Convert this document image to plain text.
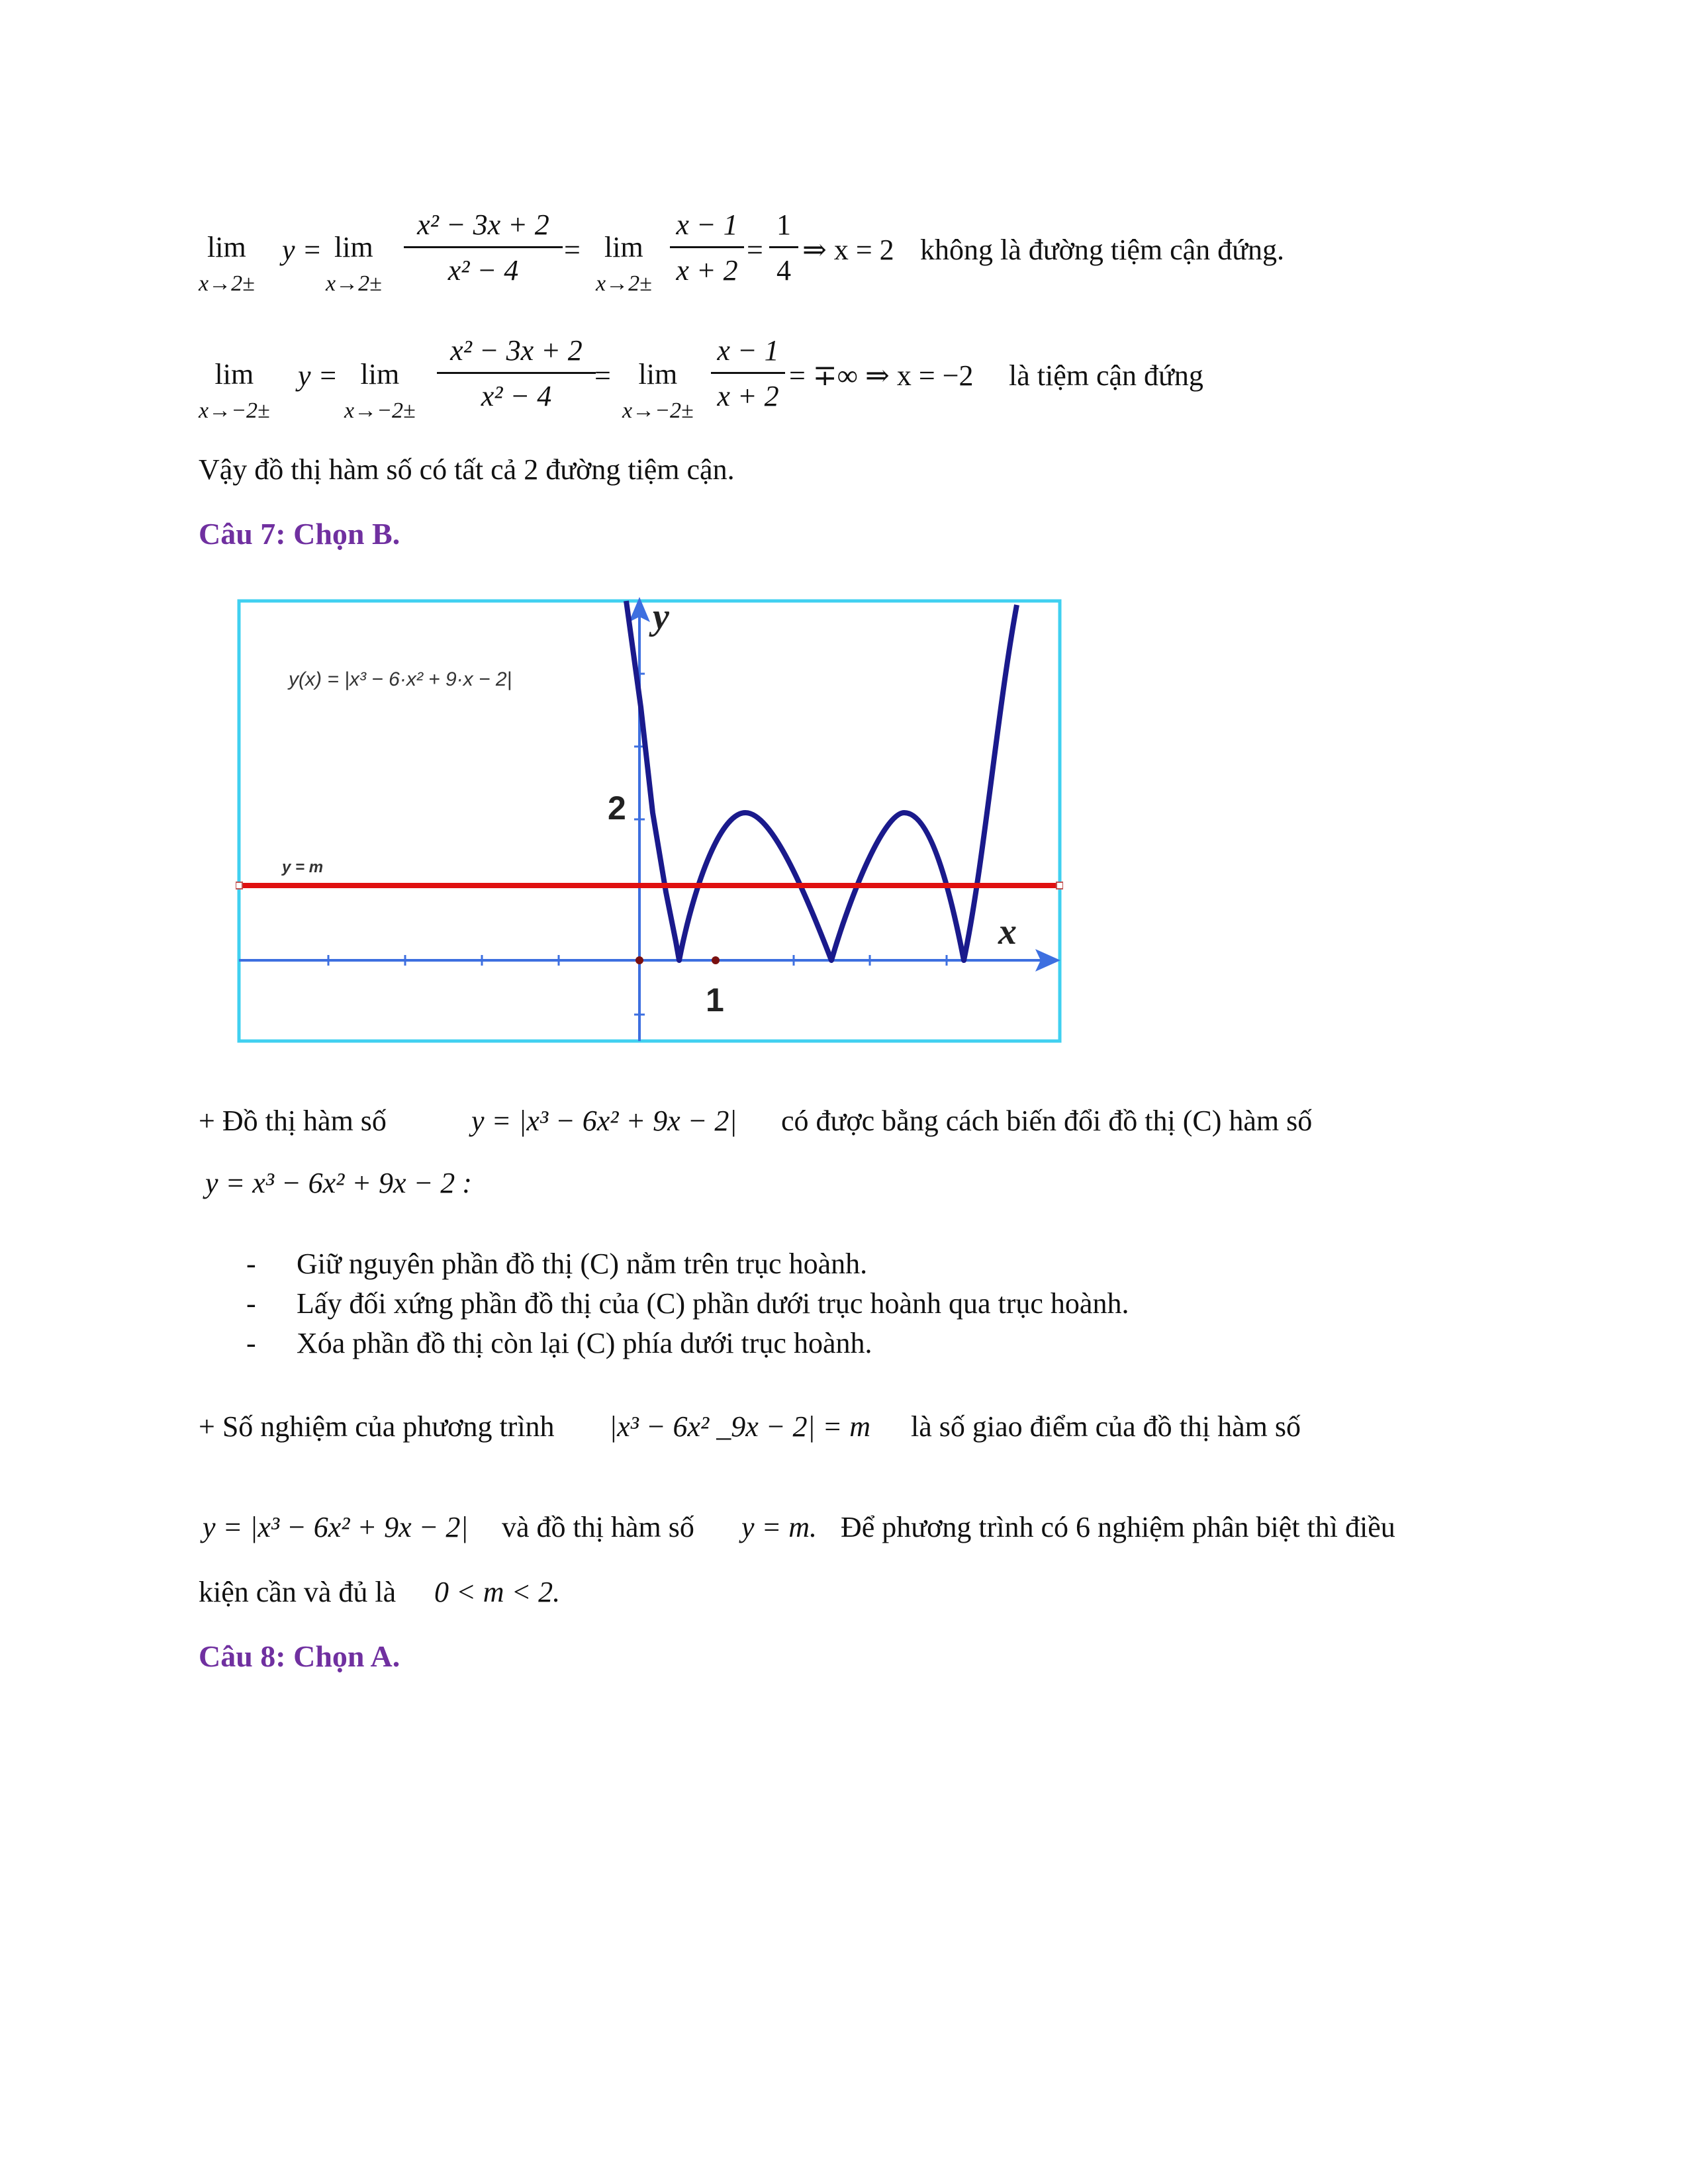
lim
x→2±
y = lim
$x\to 2\pm \frac{\text{x² − 3x + 2}}{\text{x² − 4}} = \lim$
$x\to 2\pm \frac{x - 1}{x + 2} = \frac{1}{4}$ ⇒ x = 2 không là đường tiệm cận đứng.
lim
x→−2±
y = lim
$x\to-2\pm \frac{\text{x² − 3x + 2}}{\text{x² − 4}}$
= lim
$x\to-2\pm \frac{x - 1}{x + 2}$ = ∓∞ ⇒ x = −2 là tiệm cận đứng
Vậy đồ thị hàm số có tất cả 2 đường tiệm cận.
Câu 7: Chọn B.
y(x) = |x³ − 6·x² + 9·x − 2|
y = m
y
x
2
1
+ Đồ thị hàm số	y = |x³ − 6x² + 9x − 2| có được bằng cách biến đổi đồ thị (C) hàm số
y = x³ − 6x² + 9x − 2 :
- Giữ nguyên phần đồ thị (C) nằm trên trục hoành.
- Lấy đối xứng phần đồ thị của (C) phần dưới trục hoành qua trục hoành.
- Xóa phần đồ thị còn lại (C) phía dưới trục hoành.
+ Số nghiệm của phương trình |x³ − 6x² _9x − 2| = m là số giao điểm của đồ thị hàm số
y = |x³ − 6x² + 9x − 2| và đồ thị hàm số y = m. Để phương trình có 6 nghiệm phân biệt thì điều
kiện cần và đủ là 0 < m < 2.
Câu 8: Chọn A.
